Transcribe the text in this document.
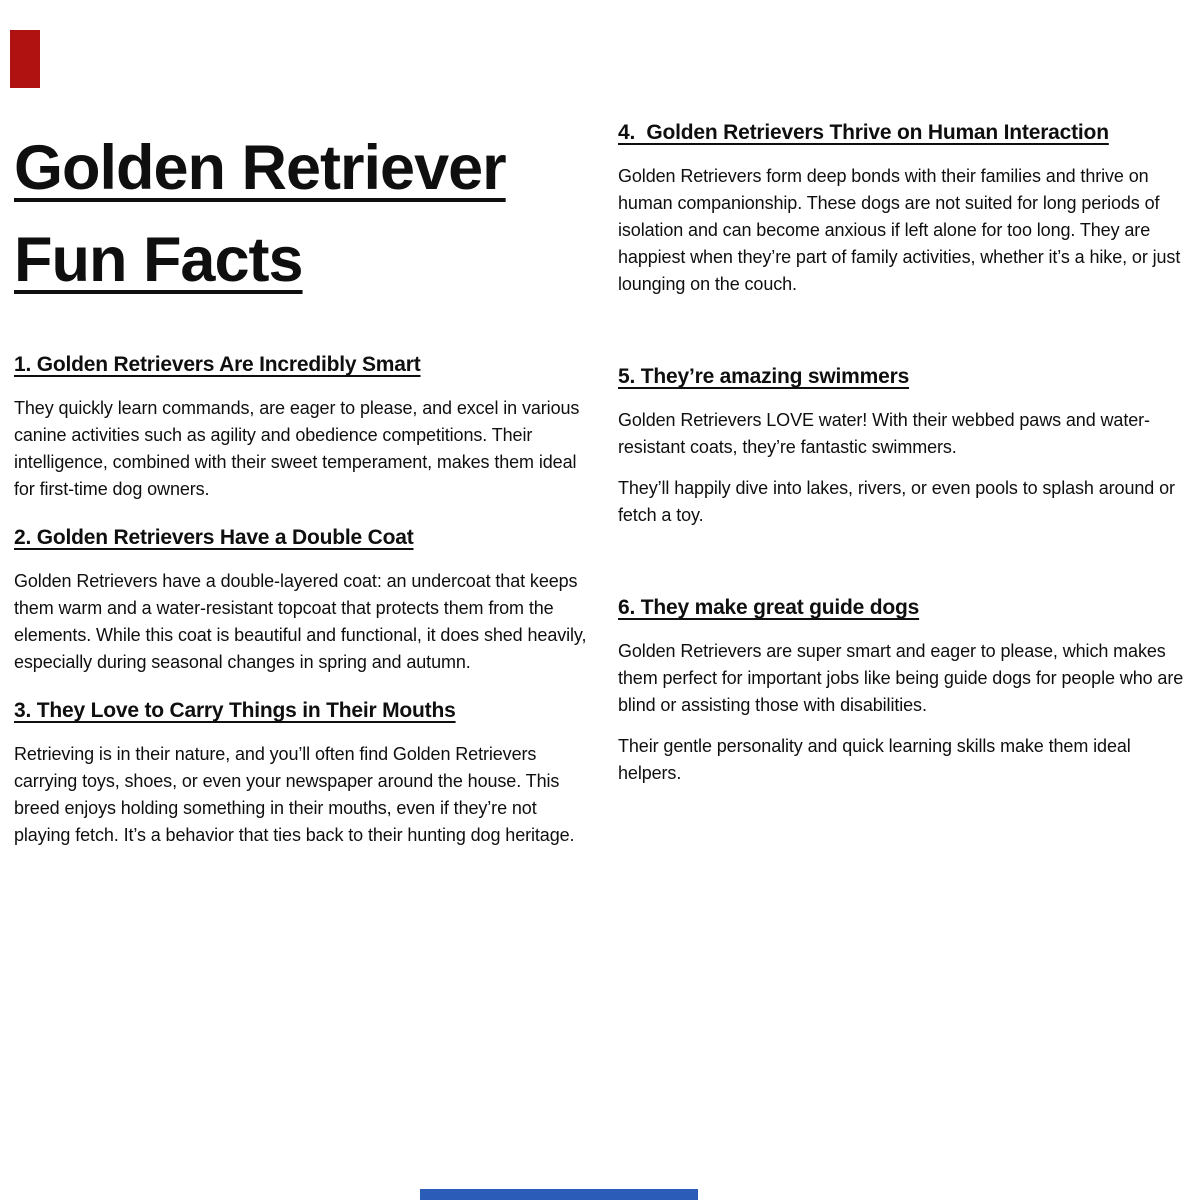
Golden Retriever
Fun Facts
1. Golden Retrievers Are Incredibly Smart

They quickly learn commands, are eager to please, and excel in various canine activities such as agility and obedience competitions. Their intelligence, combined with their sweet temperament, makes them ideal for first-time dog owners.

2. Golden Retrievers Have a Double Coat

Golden Retrievers have a double-layered coat: an undercoat that keeps them warm and a water-resistant topcoat that protects them from the elements. While this coat is beautiful and functional, it does shed heavily, especially during seasonal changes in spring and autumn.

3. They Love to Carry Things in Their Mouths

Retrieving is in their nature, and you’ll often find Golden Retrievers carrying toys, shoes, or even your newspaper around the house. This breed enjoys holding something in their mouths, even if they’re not playing fetch. It’s a behavior that ties back to their hunting dog heritage.

4.  Golden Retrievers Thrive on Human Interaction

Golden Retrievers form deep bonds with their families and thrive on human companionship. These dogs are not suited for long periods of isolation and can become anxious if left alone for too long. They are happiest when they’re part of family activities, whether it’s a hike, or just lounging on the couch.

5. They’re amazing swimmers

Golden Retrievers LOVE water! With their webbed paws and water-resistant coats, they’re fantastic swimmers.

They’ll happily dive into lakes, rivers, or even pools to splash around or fetch a toy.

6. They make great guide dogs

Golden Retrievers are super smart and eager to please, which makes them perfect for important jobs like being guide dogs for people who are blind or assisting those with disabilities.

Their gentle personality and quick learning skills make them ideal helpers.
